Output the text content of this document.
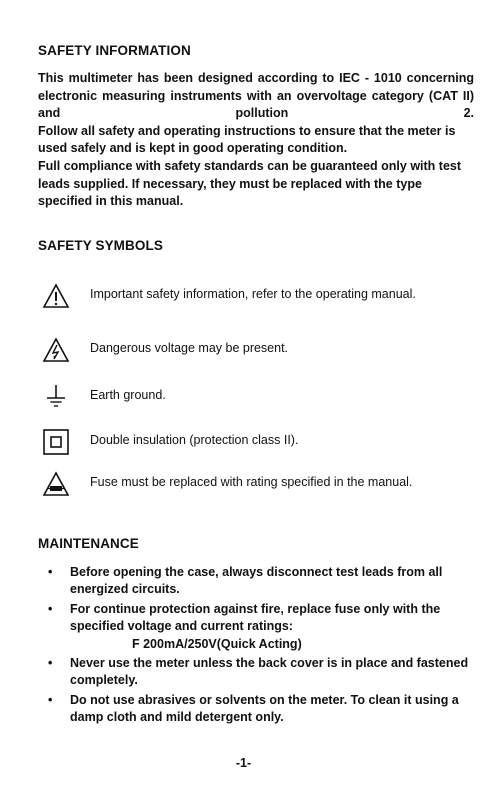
SAFETY INFORMATION

This multimeter has been designed according to IEC - 1010 concerning electronic measuring instruments with an overvoltage category (CAT II) and pollution 2.

Follow all safety and operating instructions to ensure that the meter is used safely and is kept in good operating condition.

Full compliance with safety standards can be guaranteed only with test leads supplied. If necessary, they must be replaced with the type specified in this manual.

SAFETY SYMBOLS
Important safety information, refer to the operating manual.
Dangerous voltage may be present.
Earth ground.
Double insulation (protection class II).
Fuse must be replaced with rating specified in the manual.
MAINTENANCE
• Before opening the case, always disconnect test leads from all energized circuits.
• For continue protection against fire, replace fuse only with the specified voltage and current ratings:
F 200mA/250V(Quick Acting)
• Never use the meter unless the back cover is in place and fastened completely.
• Do not use abrasives or solvents on the meter. To clean it using a damp cloth and mild detergent only.
-1-
